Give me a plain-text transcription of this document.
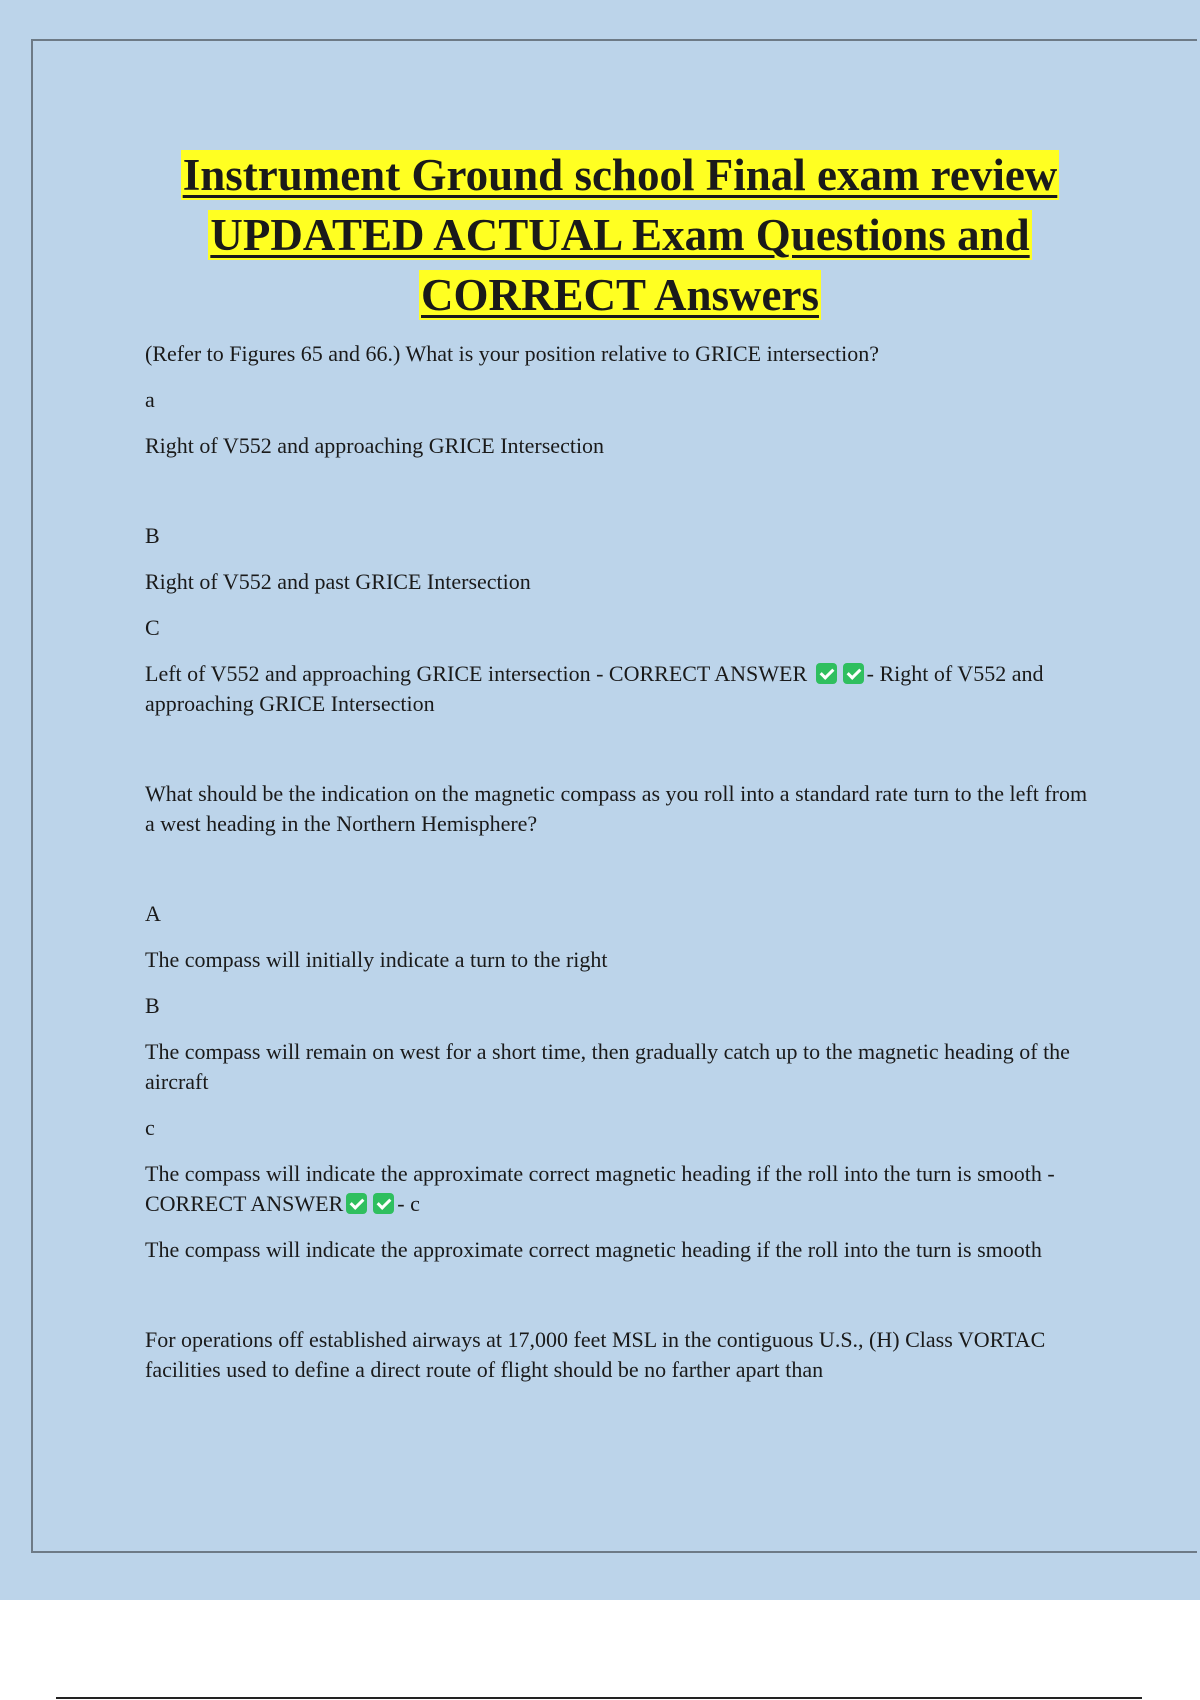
Instrument Ground school Final exam review
UPDATED ACTUAL Exam Questions and
CORRECT Answers

(Refer to Figures 65 and 66.) What is your position relative to GRICE intersection?

a

Right of V552 and approaching GRICE Intersection

B

Right of V552 and past GRICE Intersection

C

Left of V552 and approaching GRICE intersection - CORRECT ANSWER	- Right of V552 and approaching GRICE Intersection

What should be the indication on the magnetic compass as you roll into a standard rate turn to the left from a west heading in the Northern Hemisphere?

A

The compass will initially indicate a turn to the right

B

The compass will remain on west for a short time, then gradually catch up to the magnetic heading of the aircraft

c

The compass will indicate the approximate correct magnetic heading if the roll into the turn is smooth - CORRECT ANSWER - c

The compass will indicate the approximate correct magnetic heading if the roll into the turn is smooth

For operations off established airways at 17,000 feet MSL in the contiguous U.S., (H) Class VORTAC facilities used to define a direct route of flight should be no farther apart than
